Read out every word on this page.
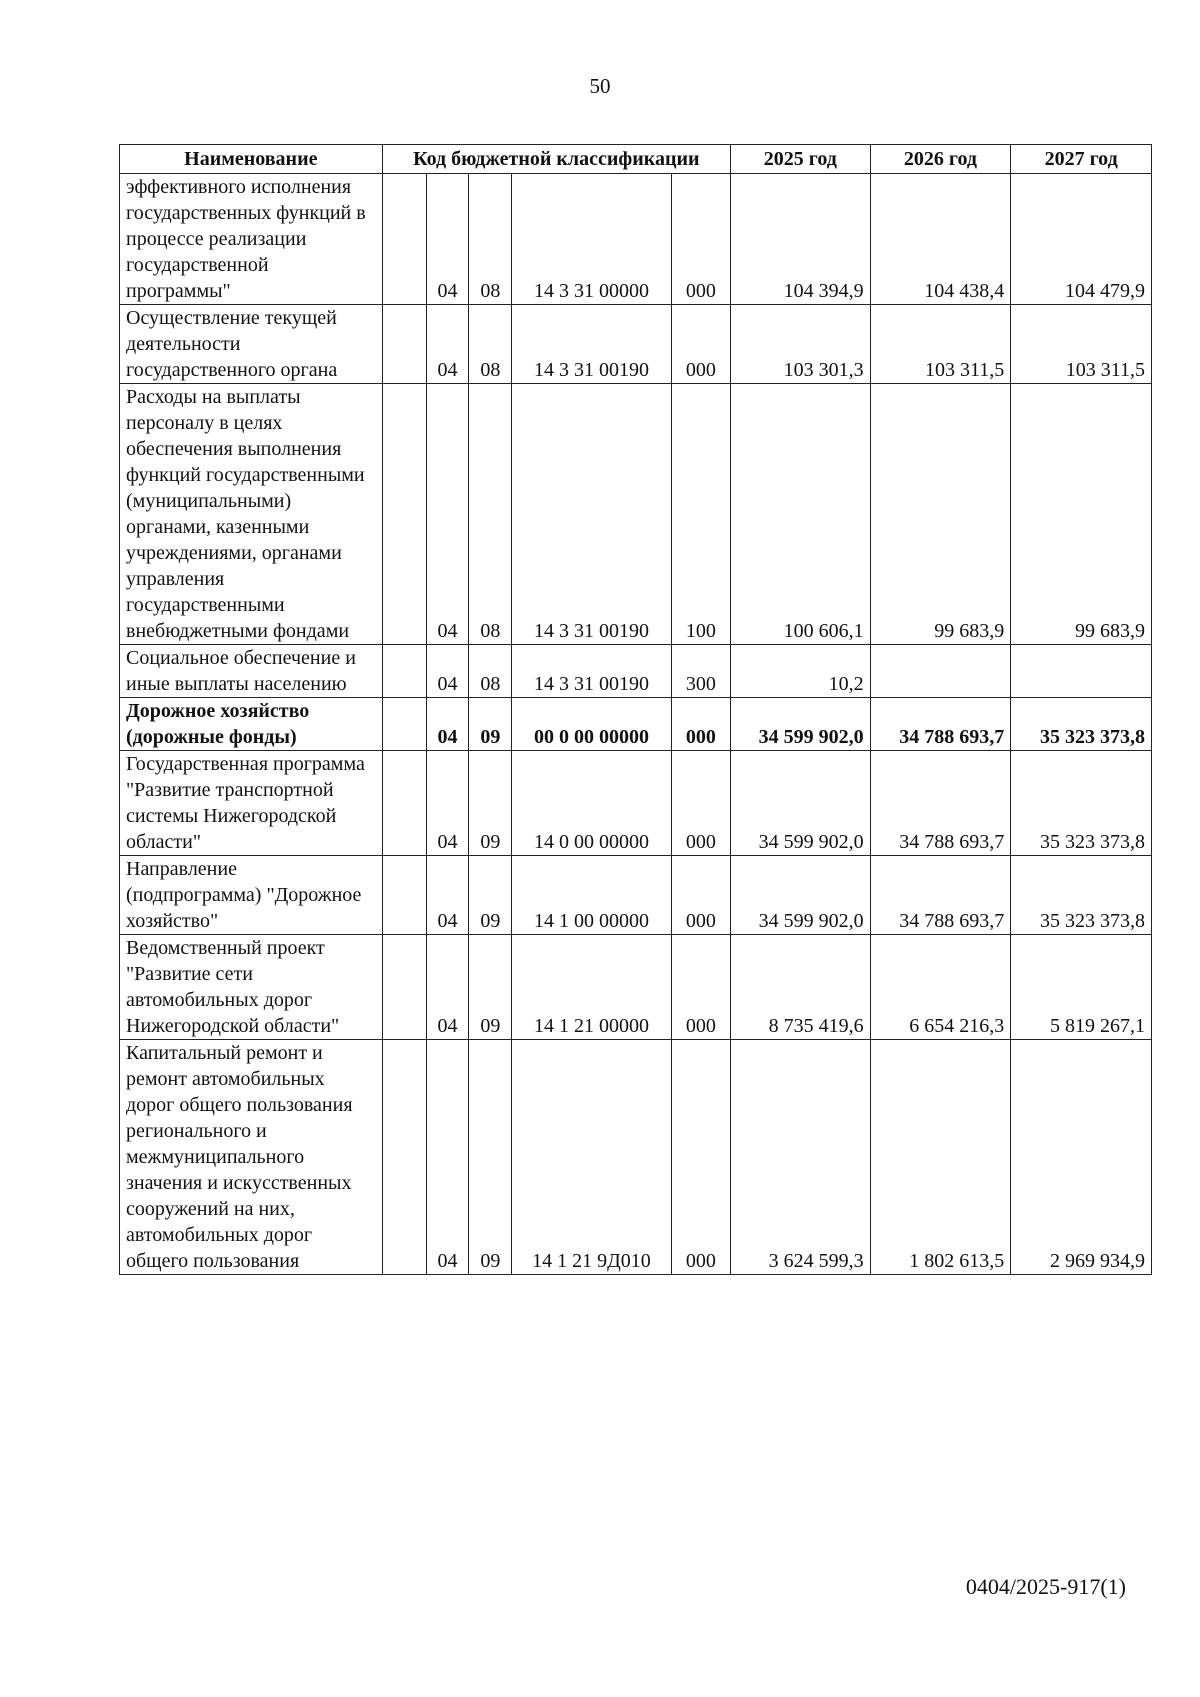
50
Наименование	Код бюджетной классификации					2025 год	2026 год	2027 год
эффективного исполнения государственных функций в процессе реализации государственной программы"		04	08	14 3 31 00000	000	104 394,9	104 438,4	104 479,9
Осуществление текущей деятельности государственного органа		04	08	14 3 31 00190	000	103 301,3	103 311,5	103 311,5
Расходы на выплаты персоналу в целях обеспечения выполнения функций государственными (муниципальными) органами, казенными учреждениями, органами управления государственными внебюджетными фондами		04	08	14 3 31 00190	100	100 606,1	99 683,9	99 683,9
Социальное обеспечение и иные выплаты населению		04	08	14 3 31 00190	300	10,2		
Дорожное хозяйство (дорожные фонды)		04	09	00 0 00 00000	000	34 599 902,0	34 788 693,7	35 323 373,8
Государственная программа "Развитие транспортной системы Нижегородской области"		04	09	14 0 00 00000	000	34 599 902,0	34 788 693,7	35 323 373,8
Направление (подпрограмма) "Дорожное хозяйство"		04	09	14 1 00 00000	000	34 599 902,0	34 788 693,7	35 323 373,8
Ведомственный проект "Развитие сети автомобильных дорог Нижегородской области"		04	09	14 1 21 00000	000	8 735 419,6	6 654 216,3	5 819 267,1
Капитальный ремонт и ремонт автомобильных дорог общего пользования регионального и межмуниципального значения и искусственных сооружений на них, автомобильных дорог общего пользования		04	09	14 1 21 9Д010	000	3 624 599,3	1 802 613,5	2 969 934,9
0404/2025-917(1)
